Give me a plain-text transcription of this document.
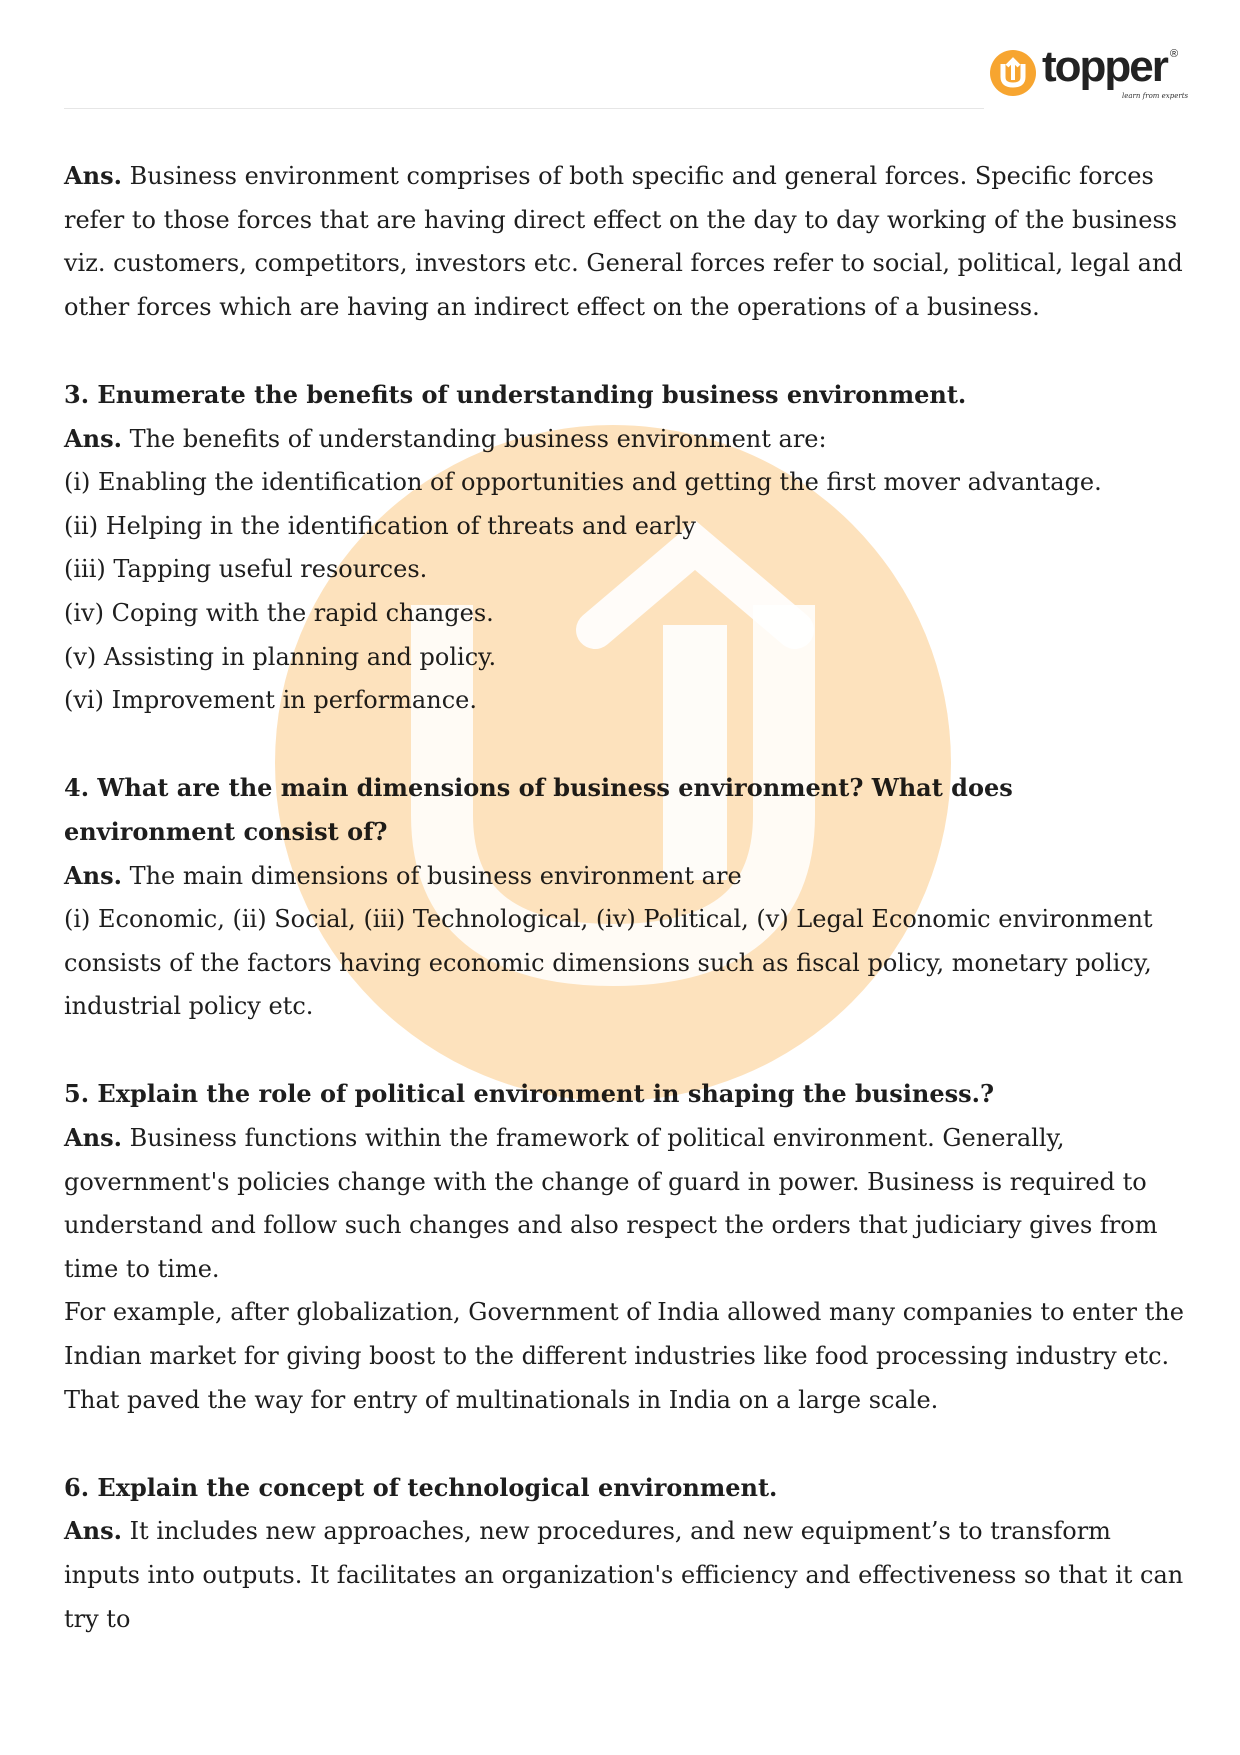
topper ®
learn from experts

Ans. Business environment comprises of both specific and general forces. Specific forces refer to those forces that are having direct effect on the day to day working of the business viz. customers, competitors, investors etc. General forces refer to social, political, legal and other forces which are having an indirect effect on the operations of a business.

3. Enumerate the benefits of understanding business environment.

Ans. The benefits of understanding business environment are:

(i) Enabling the identification of opportunities and getting the first mover advantage.

(ii) Helping in the identification of threats and early

(iii) Tapping useful resources.

(iv) Coping with the rapid changes.

(v) Assisting in planning and policy.

(vi) Improvement in performance.

4. What are the main dimensions of business environment? What does environment consist of?

Ans. The main dimensions of business environment are

(i) Economic, (ii) Social, (iii) Technological, (iv) Political, (v) Legal Economic environment consists of the factors having economic dimensions such as fiscal policy, monetary policy, industrial policy etc.

5. Explain the role of political environment in shaping the business.?

Ans. Business functions within the framework of political environment. Generally, government's policies change with the change of guard in power. Business is required to understand and follow such changes and also respect the orders that judiciary gives from time to time.

For example, after globalization, Government of India allowed many companies to enter the Indian market for giving boost to the different industries like food processing industry etc. That paved the way for entry of multinationals in India on a large scale.

6. Explain the concept of technological environment.

Ans. It includes new approaches, new procedures, and new equipment’s to transform inputs into outputs. It facilitates an organization's efficiency and effectiveness so that it can try to
